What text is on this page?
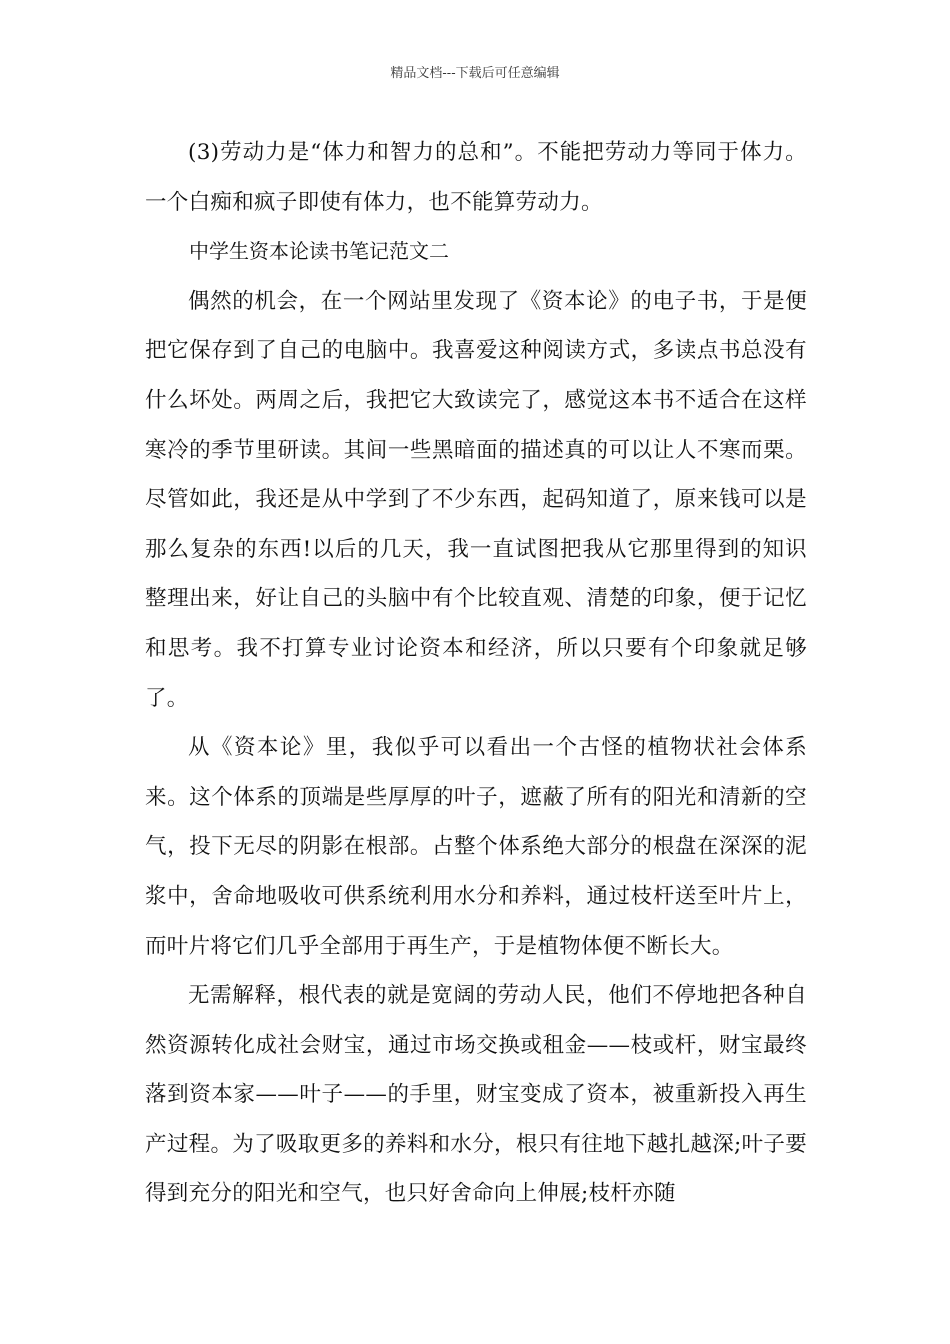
精品文档---下载后可任意编辑

(3)劳动力是“体力和智力的总和”。不能把劳动力等同于体力。一个白痴和疯子即使有体力，也不能算劳动力。

中学生资本论读书笔记范文二

偶然的机会，在一个网站里发现了《资本论》的电子书，于是便把它保存到了自己的电脑中。我喜爱这种阅读方式，多读点书总没有什么坏处。两周之后，我把它大致读完了，感觉这本书不适合在这样寒冷的季节里研读。其间一些黑暗面的描述真的可以让人不寒而栗。尽管如此，我还是从中学到了不少东西，起码知道了，原来钱可以是那么复杂的东西!以后的几天，我一直试图把我从它那里得到的知识整理出来，好让自己的头脑中有个比较直观、清楚的印象，便于记忆和思考。我不打算专业讨论资本和经济，所以只要有个印象就足够了。

从《资本论》里，我似乎可以看出一个古怪的植物状社会体系来。这个体系的顶端是些厚厚的叶子，遮蔽了所有的阳光和清新的空气，投下无尽的阴影在根部。占整个体系绝大部分的根盘在深深的泥浆中，舍命地吸收可供系统利用水分和养料，通过枝杆送至叶片上，而叶片将它们几乎全部用于再生产，于是植物体便不断长大。

无需解释，根代表的就是宽阔的劳动人民，他们不停地把各种自然资源转化成社会财宝，通过市场交换或租金——枝或杆，财宝最终落到资本家——叶子——的手里，财宝变成了资本，被重新投入再生产过程。为了吸取更多的养料和水分，根只有往地下越扎越深;叶子要得到充分的阳光和空气，也只好舍命向上伸展;枝杆亦随
